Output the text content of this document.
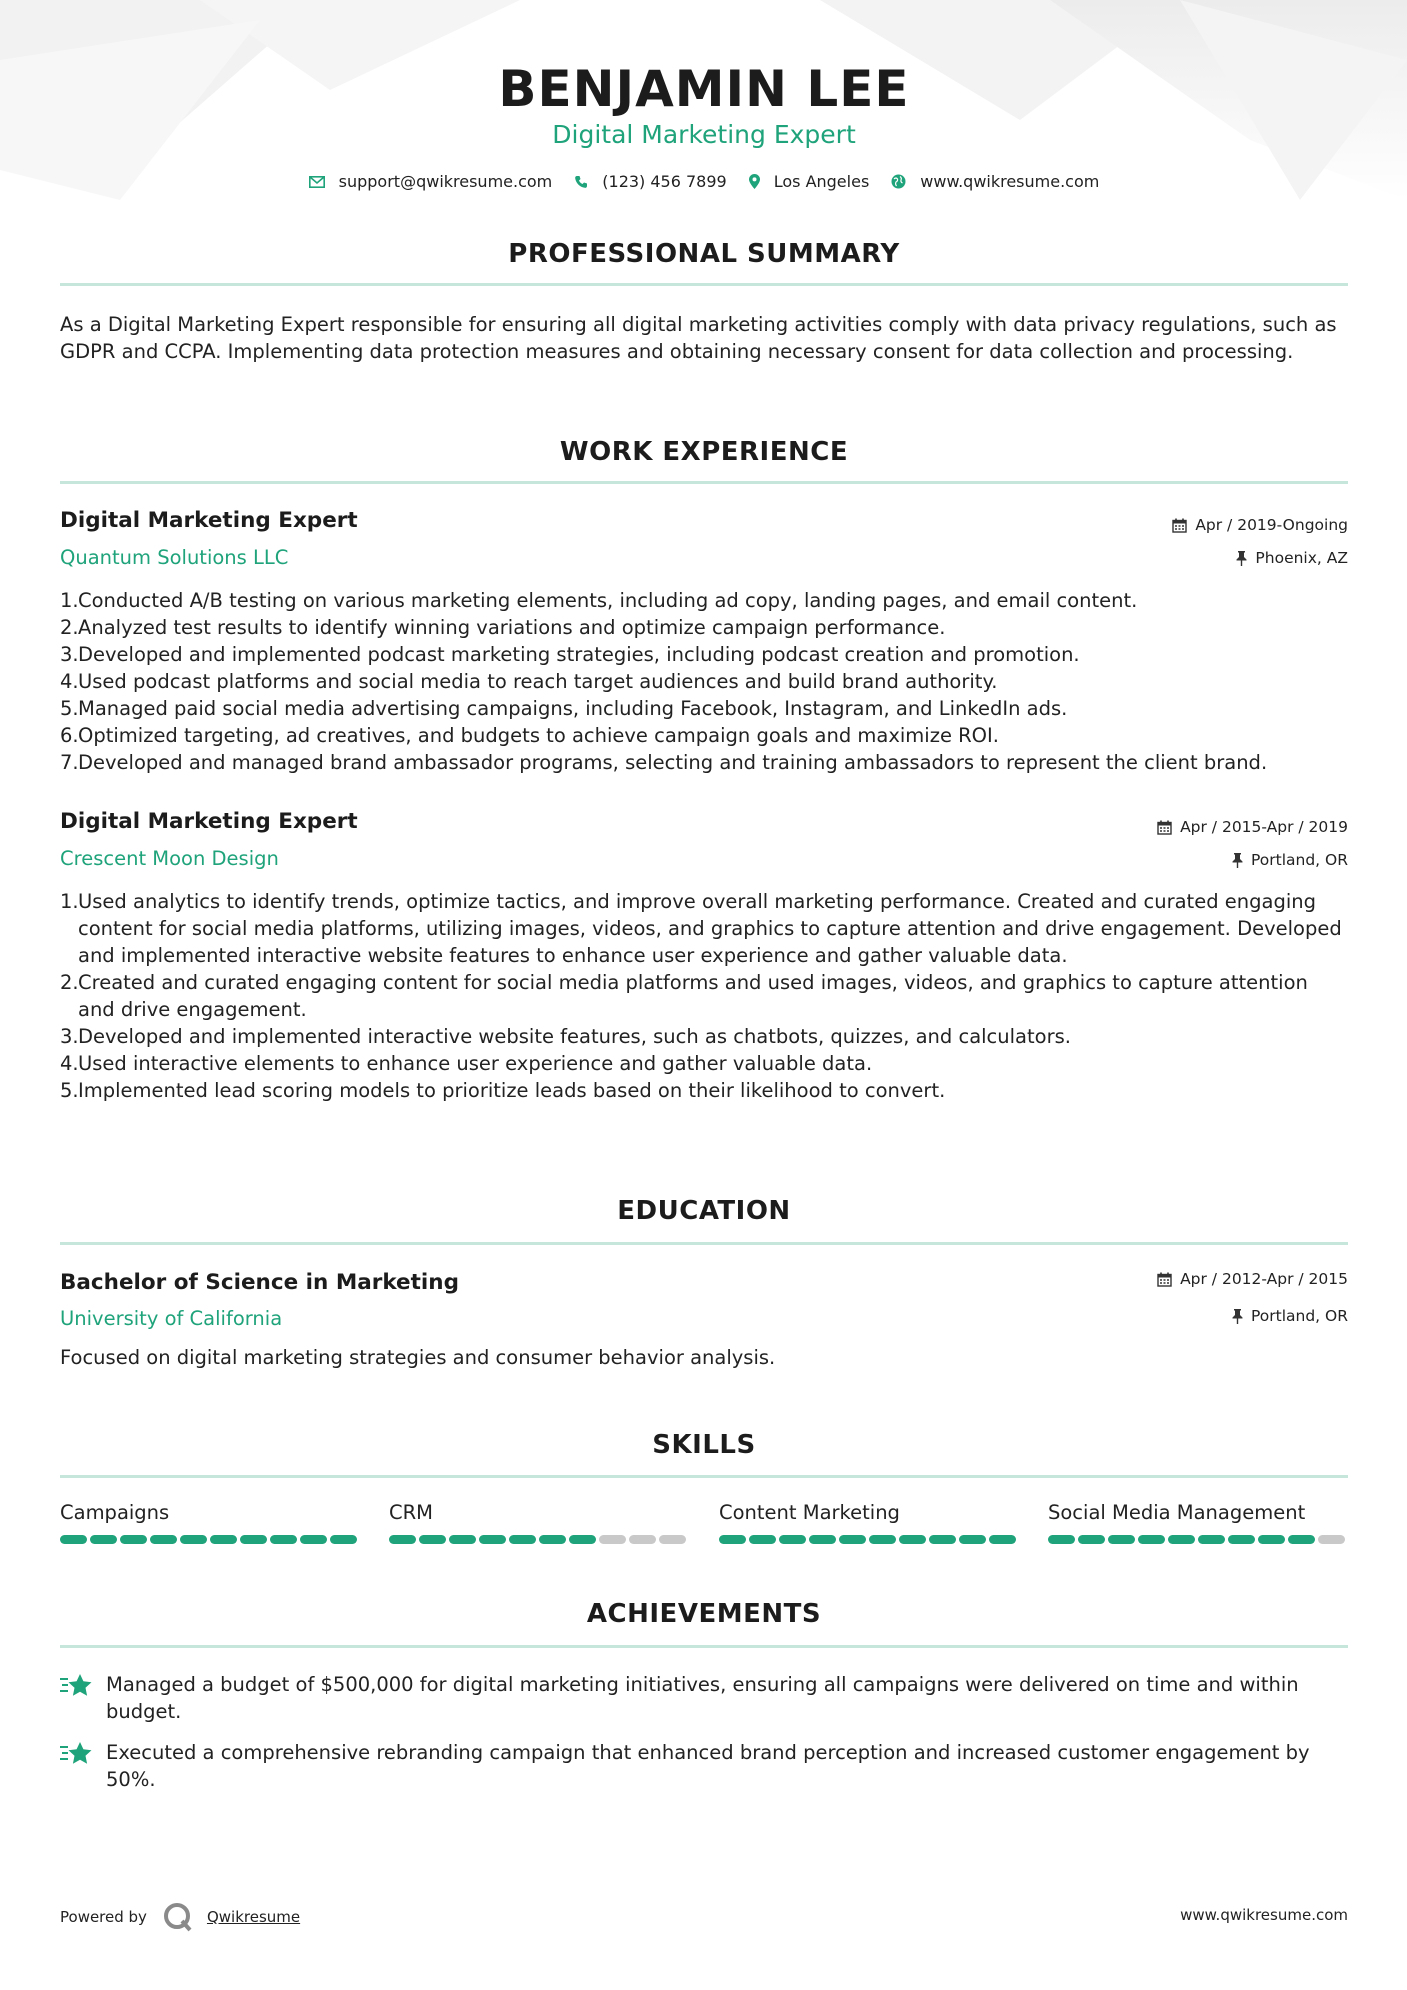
BENJAMIN LEE
Digital Marketing Expert
support@qwikresume.com	(123) 456 7899	Los Angeles	www.qwikresume.com
PROFESSIONAL SUMMARY
As a Digital Marketing Expert responsible for ensuring all digital marketing activities comply with data privacy regulations, such as GDPR and CCPA. Implementing data protection measures and obtaining necessary consent for data collection and processing.
WORK EXPERIENCE
Digital Marketing Expert	Apr / 2019-Ongoing
Quantum Solutions LLC	Phoenix, AZ
1. Conducted A/B testing on various marketing elements, including ad copy, landing pages, and email content.
2. Analyzed test results to identify winning variations and optimize campaign performance.
3. Developed and implemented podcast marketing strategies, including podcast creation and promotion.
4. Used podcast platforms and social media to reach target audiences and build brand authority.
5. Managed paid social media advertising campaigns, including Facebook, Instagram, and LinkedIn ads.
6. Optimized targeting, ad creatives, and budgets to achieve campaign goals and maximize ROI.
7. Developed and managed brand ambassador programs, selecting and training ambassadors to represent the client brand.
Digital Marketing Expert	Apr / 2015-Apr / 2019
Crescent Moon Design	Portland, OR
1. Used analytics to identify trends, optimize tactics, and improve overall marketing performance. Created and curated engaging content for social media platforms, utilizing images, videos, and graphics to capture attention and drive engagement. Developed and implemented interactive website features to enhance user experience and gather valuable data.
2. Created and curated engaging content for social media platforms and used images, videos, and graphics to capture attention and drive engagement.
3. Developed and implemented interactive website features, such as chatbots, quizzes, and calculators.
4. Used interactive elements to enhance user experience and gather valuable data.
5. Implemented lead scoring models to prioritize leads based on their likelihood to convert.
EDUCATION
Bachelor of Science in Marketing	Apr / 2012-Apr / 2015
University of California	Portland, OR
Focused on digital marketing strategies and consumer behavior analysis.
SKILLS
Campaigns	CRM	Content Marketing	Social Media Management
ACHIEVEMENTS
Managed a budget of $500,000 for digital marketing initiatives, ensuring all campaigns were delivered on time and within budget.
Executed a comprehensive rebranding campaign that enhanced brand perception and increased customer engagement by 50%.
Powered by	Qwikresume	www.qwikresume.com
